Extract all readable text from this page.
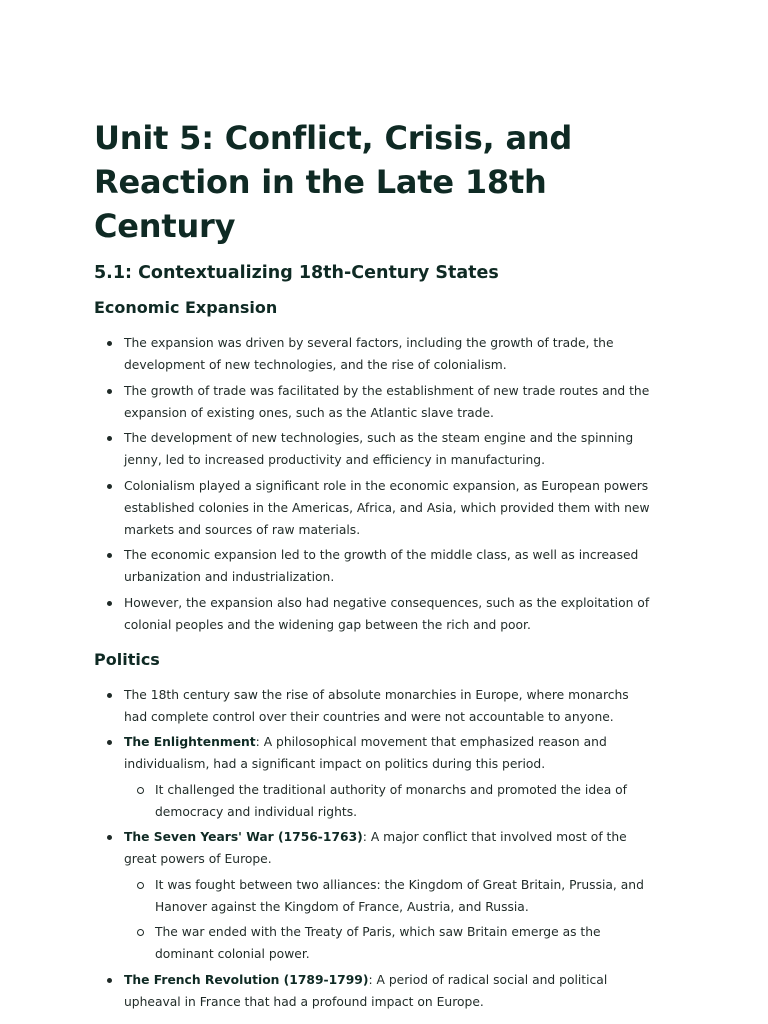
Unit 5: Conflict, Crisis, and Reaction in the Late 18th Century
5.1: Contextualizing 18th-Century States
Economic Expansion
The expansion was driven by several factors, including the growth of trade, the development of new technologies, and the rise of colonialism.
The growth of trade was facilitated by the establishment of new trade routes and the expansion of existing ones, such as the Atlantic slave trade.
The development of new technologies, such as the steam engine and the spinning jenny, led to increased productivity and efficiency in manufacturing.
Colonialism played a significant role in the economic expansion, as European powers established colonies in the Americas, Africa, and Asia, which provided them with new markets and sources of raw materials.
The economic expansion led to the growth of the middle class, as well as increased urbanization and industrialization.
However, the expansion also had negative consequences, such as the exploitation of colonial peoples and the widening gap between the rich and poor.
Politics
The 18th century saw the rise of absolute monarchies in Europe, where monarchs had complete control over their countries and were not accountable to anyone.
The Enlightenment: A philosophical movement that emphasized reason and individualism, had a significant impact on politics during this period.
It challenged the traditional authority of monarchs and promoted the idea of democracy and individual rights.
The Seven Years' War (1756-1763): A major conflict that involved most of the great powers of Europe.
It was fought between two alliances: the Kingdom of Great Britain, Prussia, and Hanover against the Kingdom of France, Austria, and Russia.
The war ended with the Treaty of Paris, which saw Britain emerge as the dominant colonial power.
The French Revolution (1789-1799): A period of radical social and political upheaval in France that had a profound impact on Europe.
